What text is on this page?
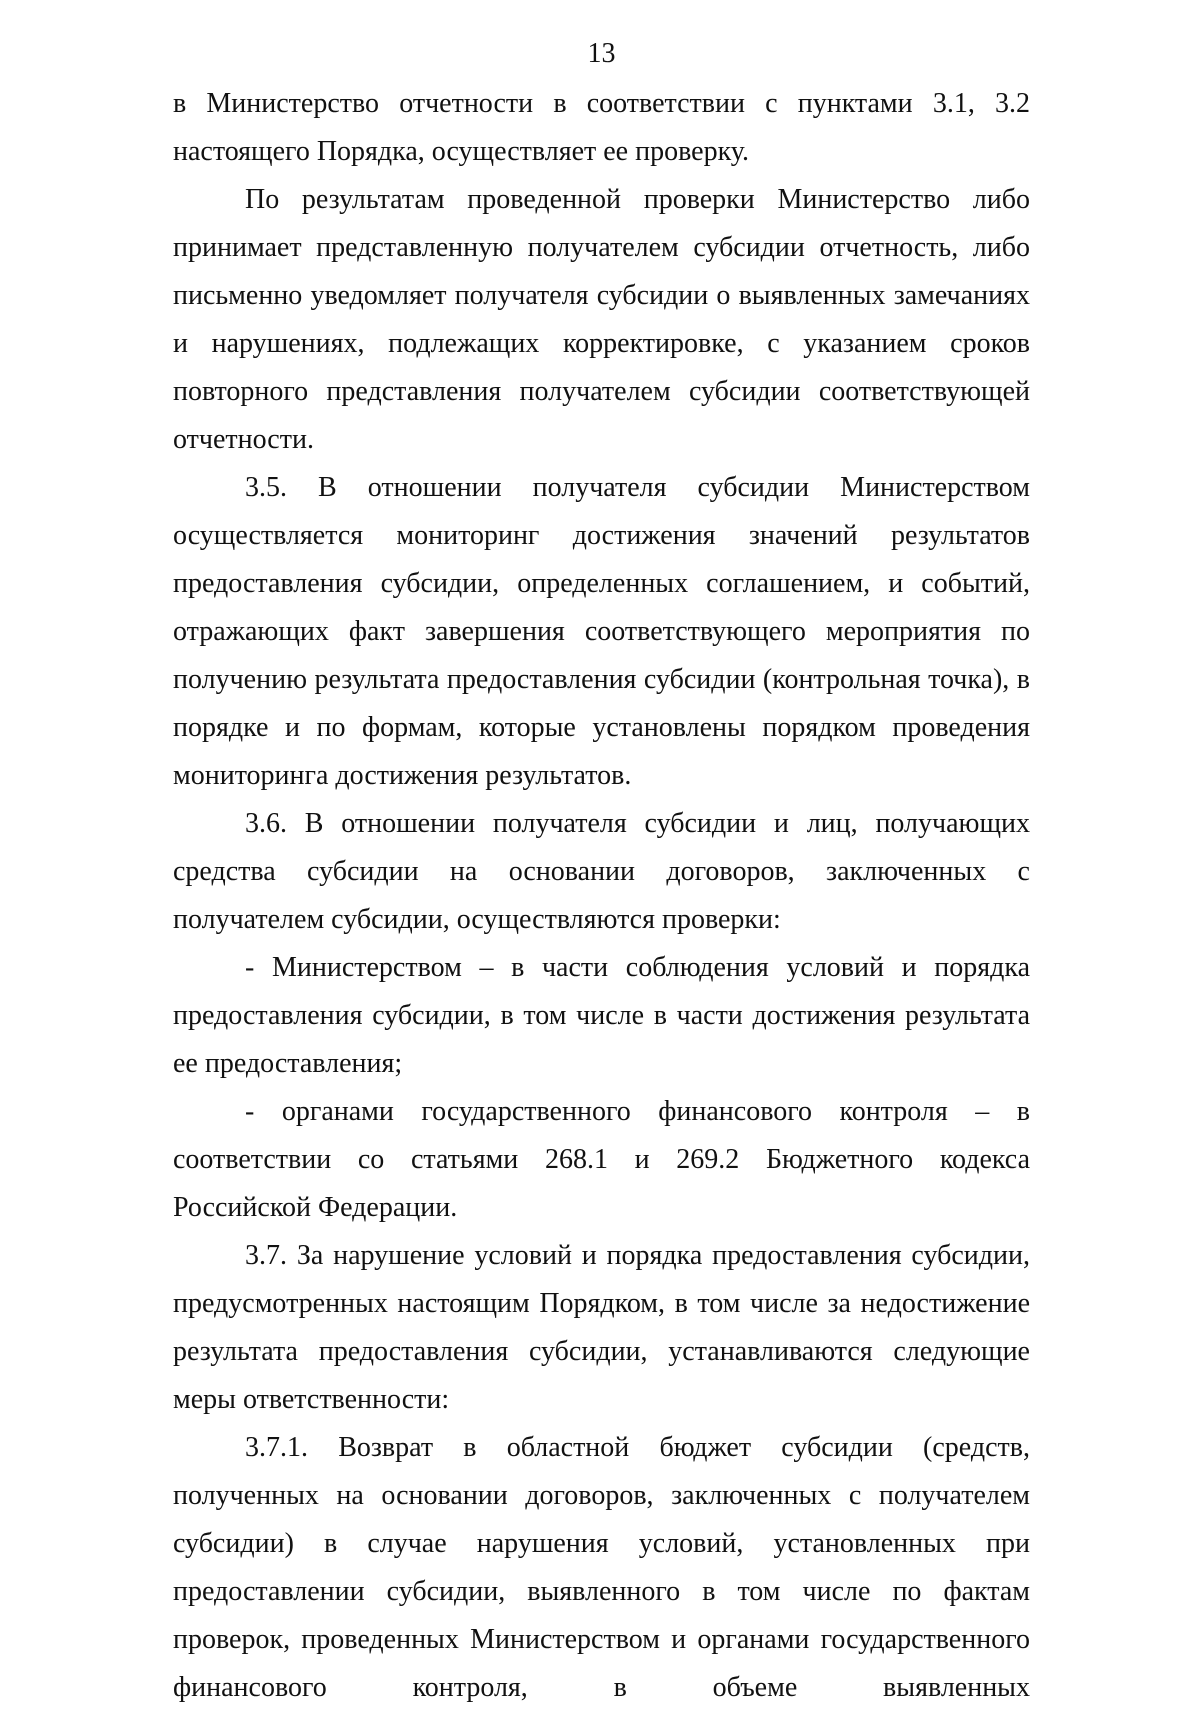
13

в Министерство отчетности в соответствии с пунктами 3.1, 3.2 настоящего Порядка, осуществляет ее проверку.

По результатам проведенной проверки Министерство либо принимает представленную получателем субсидии отчетность, либо письменно уведомляет получателя субсидии о выявленных замечаниях и нарушениях, подлежащих корректировке, с указанием сроков повторного представления получателем субсидии соответствующей отчетности.

3.5. В отношении получателя субсидии Министерством осуществляется мониторинг достижения значений результатов предоставления субсидии, определенных соглашением, и событий, отражающих факт завершения соответствующего мероприятия по получению результата предоставления субсидии (контрольная точка), в порядке и по формам, которые установлены порядком проведения мониторинга достижения результатов.

3.6. В отношении получателя субсидии и лиц, получающих средства субсидии на основании договоров, заключенных с получателем субсидии, осуществляются проверки:

- Министерством – в части соблюдения условий и порядка предоставления субсидии, в том числе в части достижения результата ее предоставления;

- органами государственного финансового контроля – в соответствии со статьями 268.1 и 269.2 Бюджетного кодекса Российской Федерации.

3.7. За нарушение условий и порядка предоставления субсидии, предусмотренных настоящим Порядком, в том числе за недостижение результата предоставления субсидии, устанавливаются следующие меры ответственности:

3.7.1. Возврат в областной бюджет субсидии (средств, полученных на основании договоров, заключенных с получателем субсидии) в случае нарушения условий, установленных при предоставлении субсидии, выявленного в том числе по фактам проверок, проведенных Министерством и органами государственного финансового контроля, в объеме выявленных
